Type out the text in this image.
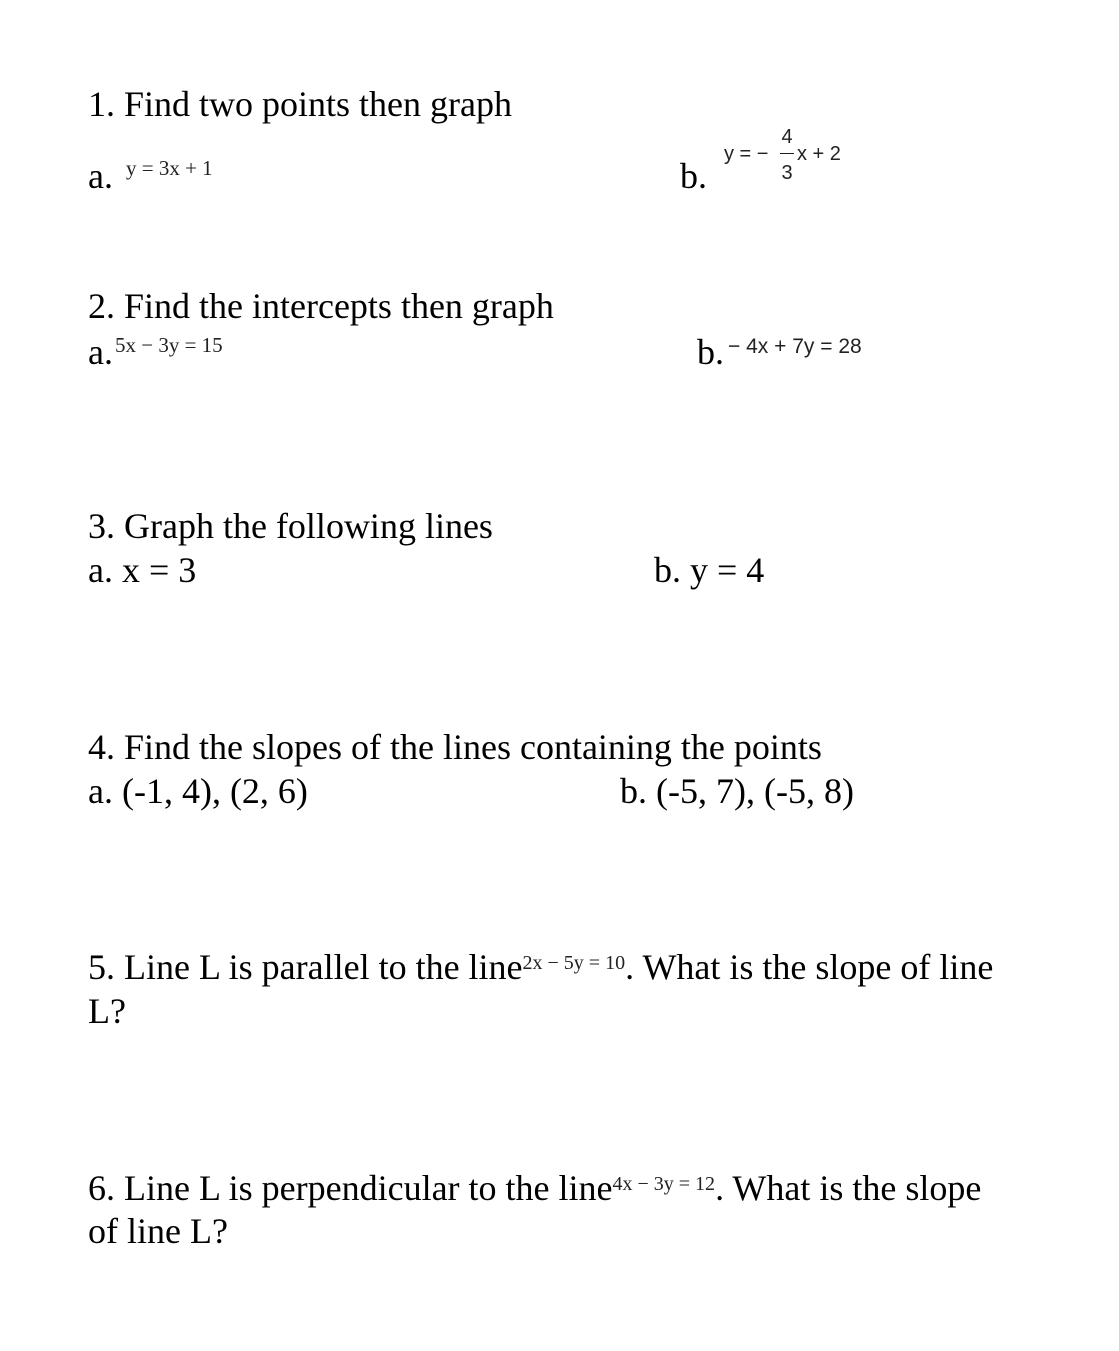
1. Find two points then graph
a. y = 3x + 1	b.
y = −
4
3
x + 2
2. Find the intercepts then graph
a. 5x − 3y = 15	b. − 4x + 7y = 28
3. Graph the following lines
a. x = 3	b. y = 4
4. Find the slopes of the lines containing the points
a. (-1, 4), (2, 6)	b. (-5, 7), (-5, 8)
5. Line L is parallel to the line$^{2x - 5y = 10}$. What is the slope of line
L?
6. Line L is perpendicular to the line$^{4x - 3y = 12}$. What is the slope
of line L?
